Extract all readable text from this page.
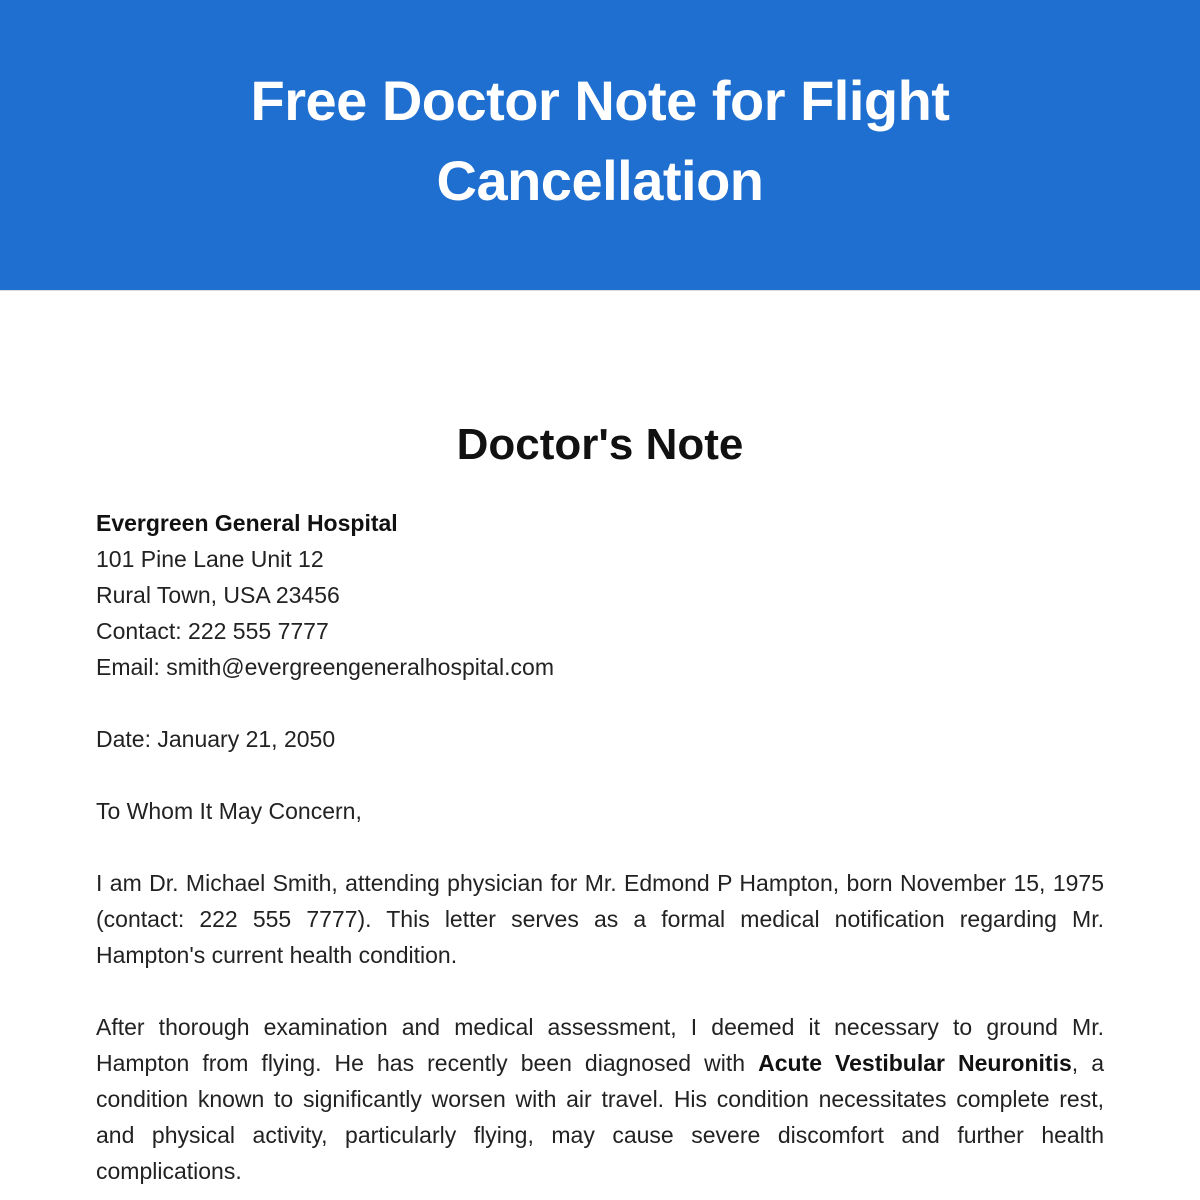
Free Doctor Note for Flight Cancellation
Doctor's Note
Evergreen General Hospital
101 Pine Lane Unit 12
Rural Town, USA 23456
Contact: 222 555 7777
Email: smith@evergreengeneralhospital.com

Date: January 21, 2050

To Whom It May Concern,

I am Dr. Michael Smith, attending physician for Mr. Edmond P Hampton, born November 15, 1975 (contact: 222 555 7777). This letter serves as a formal medical notification regarding Mr. Hampton's current health condition.

After thorough examination and medical assessment, I deemed it necessary to ground Mr. Hampton from flying. He has recently been diagnosed with Acute Vestibular Neuronitis, a condition known to significantly worsen with air travel. His condition necessitates complete rest, and physical activity, particularly flying, may cause severe discomfort and further health complications.
